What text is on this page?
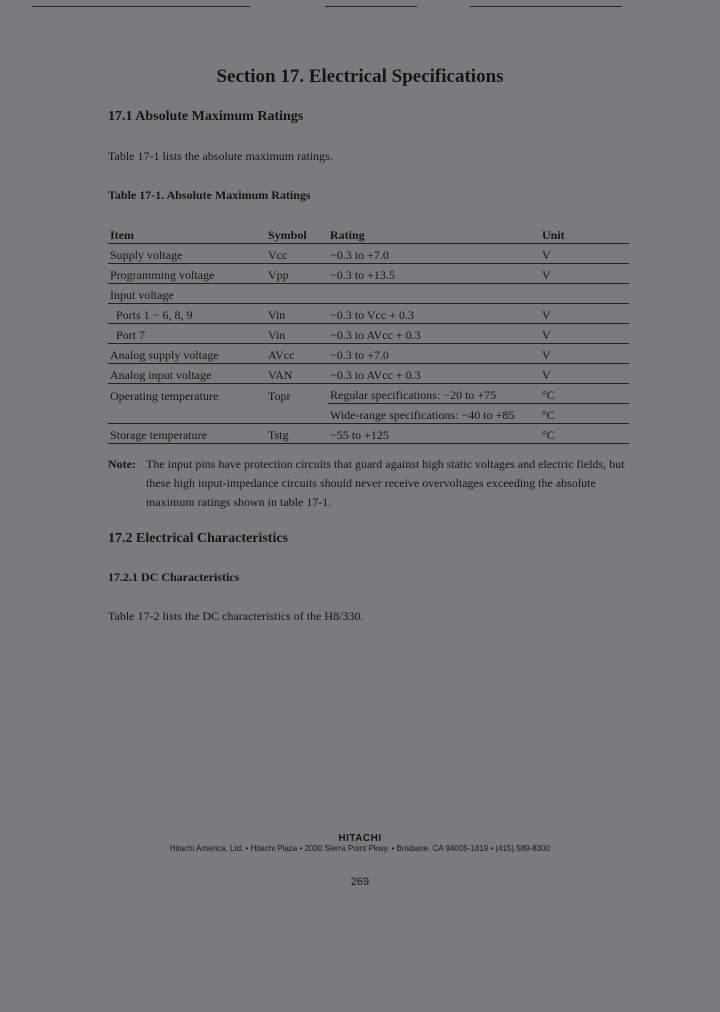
Section 17. Electrical Specifications
17.1 Absolute Maximum Ratings
Table 17-1 lists the absolute maximum ratings.
Table 17-1. Absolute Maximum Ratings
Item	Symbol	Rating	Unit
Supply voltage	Vcc	−0.3 to +7.0	V
Programming voltage	Vpp	−0.3 to +13.5	V
Input voltage			
Ports 1 − 6, 8, 9	Vin	−0.3 to Vcc + 0.3	V
Port 7	Vin	−0.3 to AVcc + 0.3	V
Analog supply voltage	AVcc	−0.3 to +7.0	V
Analog input voltage	VAN	−0.3 to AVcc + 0.3	V
Operating temperature	Topr	Regular specifications: −20 to +75	°C
		Wide-range specifications: −40 to +85	°C
Storage temperature	Tstg	−55 to +125	°C
Note: The input pins have protection circuits that guard against high static voltages and electric fields, but these high input-impedance circuits should never receive overvoltages exceeding the absolute maximum ratings shown in table 17-1.
17.2 Electrical Characteristics
17.2.1 DC Characteristics
Table 17-2 lists the DC characteristics of the H8/330.
HITACHI
Hitachi America, Ltd. • Hitachi Plaza • 2000 Sierra Point Pkwy. • Brisbane, CA 94005-1819 • (415) 589-8300
269
